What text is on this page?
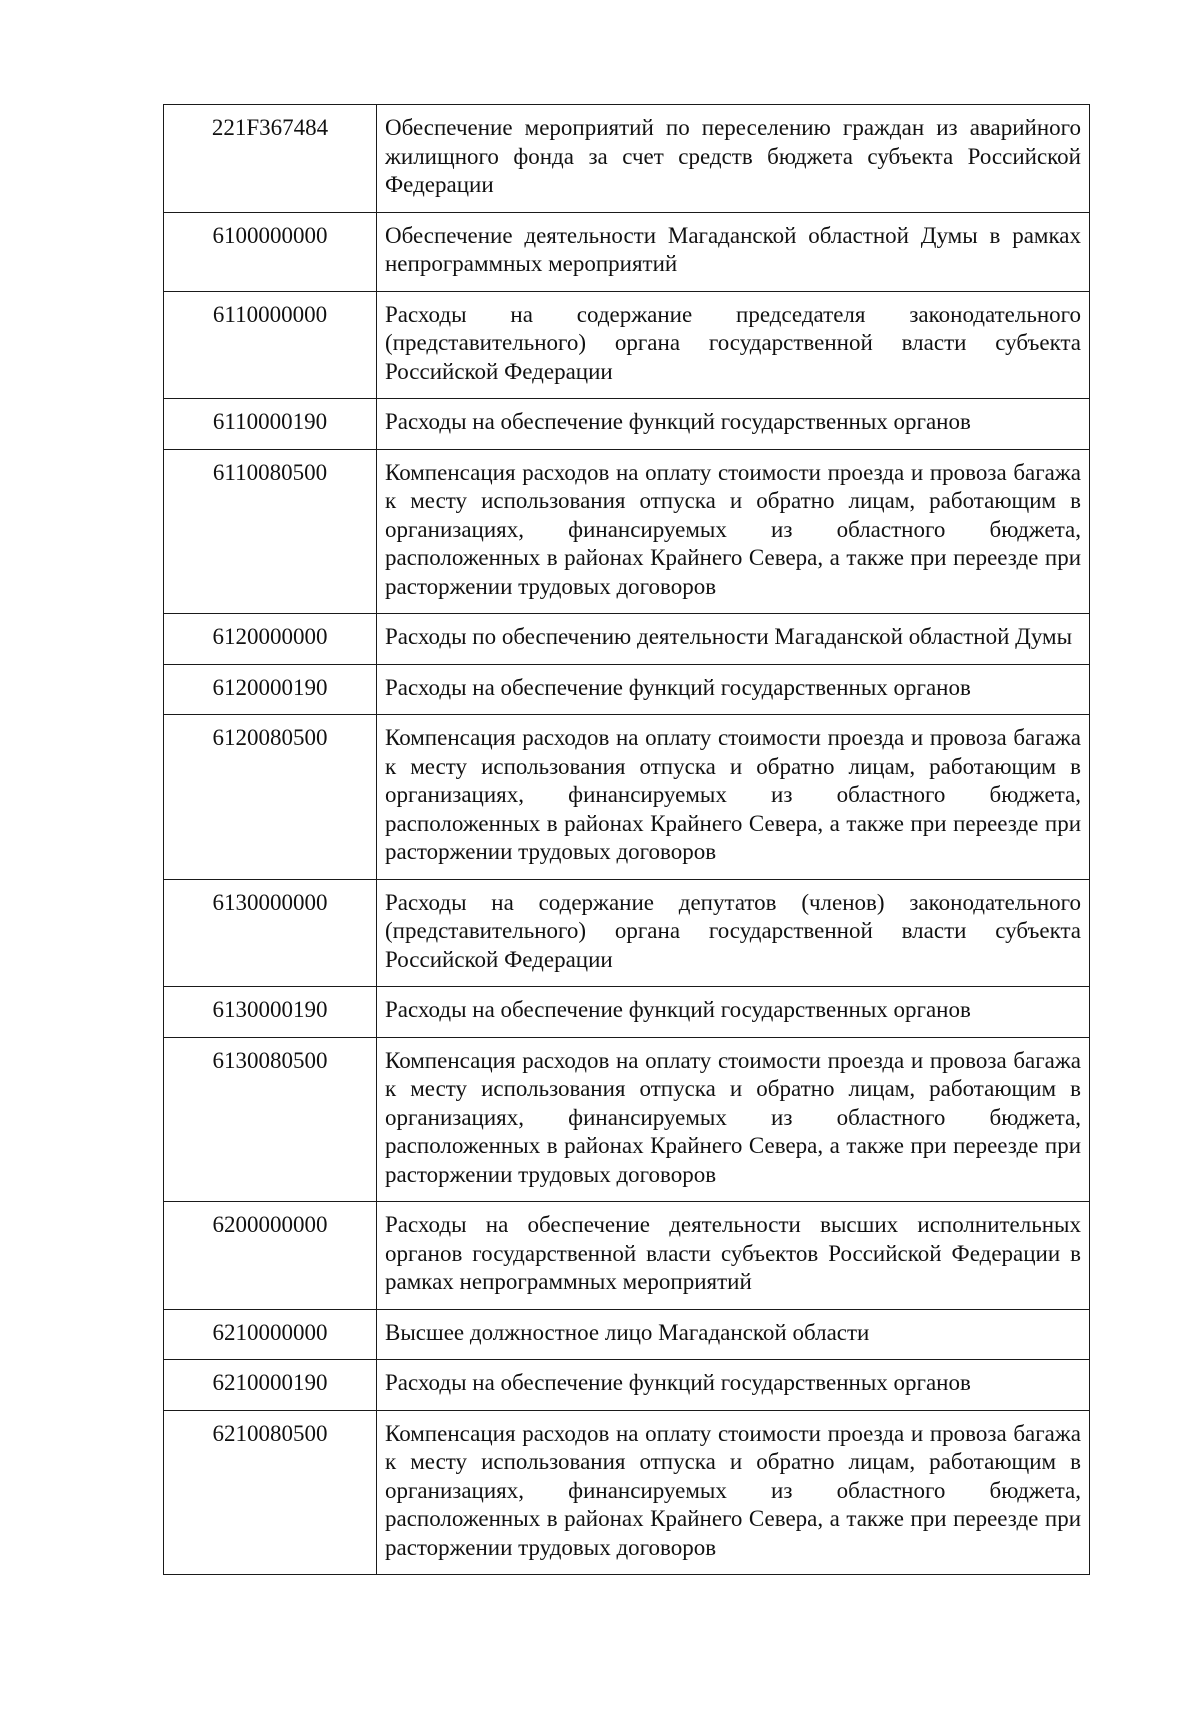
221F367484	Обеспечение мероприятий по переселению граждан из аварийного жилищного фонда за счет средств бюджета субъекта Российской Федерации
6100000000	Обеспечение деятельности Магаданской областной Думы в рамках непрограммных мероприятий
6110000000	Расходы на содержание председателя законодательного (представительного) органа государственной власти субъекта Российской Федерации
6110000190	Расходы на обеспечение функций государственных органов
6110080500	Компенсация расходов на оплату стоимости проезда и провоза багажа к месту использования отпуска и обратно лицам, работающим в организациях, финансируемых из областного бюджета, расположенных в районах Крайнего Севера, а также при переезде при расторжении трудовых договоров
6120000000	Расходы по обеспечению деятельности Магаданской областной Думы
6120000190	Расходы на обеспечение функций государственных органов
6120080500	Компенсация расходов на оплату стоимости проезда и провоза багажа к месту использования отпуска и обратно лицам, работающим в организациях, финансируемых из областного бюджета, расположенных в районах Крайнего Севера, а также при переезде при расторжении трудовых договоров
6130000000	Расходы на содержание депутатов (членов) законодательного (представительного) органа государственной власти субъекта Российской Федерации
6130000190	Расходы на обеспечение функций государственных органов
6130080500	Компенсация расходов на оплату стоимости проезда и провоза багажа к месту использования отпуска и обратно лицам, работающим в организациях, финансируемых из областного бюджета, расположенных в районах Крайнего Севера, а также при переезде при расторжении трудовых договоров
6200000000	Расходы на обеспечение деятельности высших исполнительных органов государственной власти субъектов Российской Федерации в рамках непрограммных мероприятий
6210000000	Высшее должностное лицо Магаданской области
6210000190	Расходы на обеспечение функций государственных органов
6210080500	Компенсация расходов на оплату стоимости проезда и провоза багажа к месту использования отпуска и обратно лицам, работающим в организациях, финансируемых из областного бюджета, расположенных в районах Крайнего Севера, а также при переезде при расторжении трудовых договоров
